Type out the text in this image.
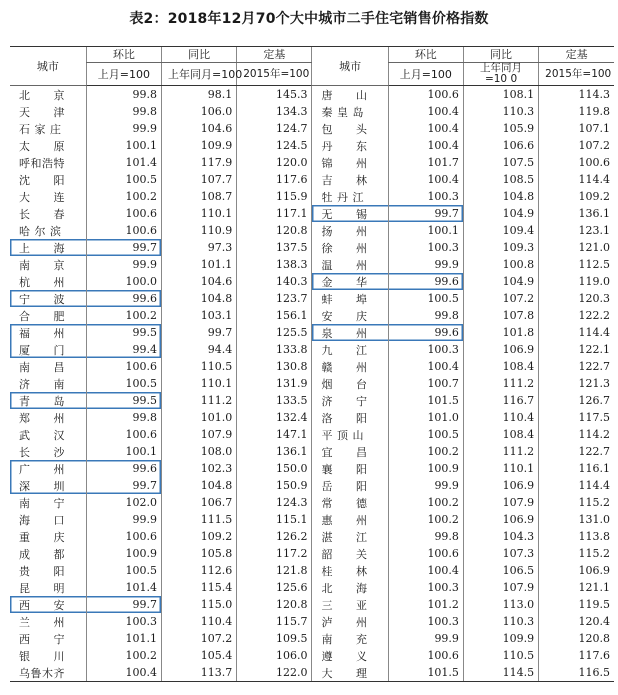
表2：2018年12月70个大中城市二手住宅销售价格指数
城市	环比	同比	定基	城市	环比	同比	定基
	上月=100	上年同月=100	2015年=100		上月=100	上年同月=10 0	2015年=100
北　　京	99.8	98.1	145.3	唐　　山	100.6	108.1	114.3
天　　津	99.8	106.0	134.3	秦 皇 岛	100.4	110.3	119.8
石 家 庄	99.9	104.6	124.7	包　　头	100.4	105.9	107.1
太　　原	100.1	109.9	124.5	丹　　东	100.4	106.6	107.2
呼和浩特	101.4	117.9	120.0	锦　　州	101.7	107.5	100.6
沈　　阳	100.5	107.7	117.6	吉　　林	100.4	108.5	114.4
大　　连	100.2	108.7	115.9	牡 丹 江	100.3	104.8	109.2
长　　春	100.6	110.1	117.1	无　　锡	99.7	104.9	136.1
哈 尔 滨	100.6	110.9	120.8	扬　　州	100.1	109.4	123.1
上　　海	99.7	97.3	137.5	徐　　州	100.3	109.3	121.0
南　　京	99.9	101.1	138.3	温　　州	99.9	100.8	112.5
杭　　州	100.0	104.6	140.3	金　　华	99.6	104.9	119.0
宁　　波	99.6	104.8	123.7	蚌　　埠	100.5	107.2	120.3
合　　肥	100.2	103.1	156.1	安　　庆	99.8	107.8	122.2
福　　州	99.5	99.7	125.5	泉　　州	99.6	101.8	114.4
厦　　门	99.4	94.4	133.8	九　　江	100.3	106.9	122.1
南　　昌	100.6	110.5	130.8	赣　　州	100.4	108.4	122.7
济　　南	100.5	110.1	131.9	烟　　台	100.7	111.2	121.3
青　　岛	99.5	111.2	133.5	济　　宁	101.5	116.7	126.7
郑　　州	99.8	101.0	132.4	洛　　阳	101.0	110.4	117.5
武　　汉	100.6	107.9	147.1	平 顶 山	100.5	108.4	114.2
长　　沙	100.1	108.0	136.1	宜　　昌	100.2	111.2	122.7
广　　州	99.6	102.3	150.0	襄　　阳	100.9	110.1	116.1
深　　圳	99.7	104.8	150.9	岳　　阳	99.9	106.9	114.4
南　　宁	102.0	106.7	124.3	常　　德	100.2	107.9	115.2
海　　口	99.9	111.5	115.1	惠　　州	100.2	106.9	131.0
重　　庆	100.6	109.2	126.2	湛　　江	99.8	104.3	113.8
成　　都	100.9	105.8	117.2	韶　　关	100.6	107.3	115.2
贵　　阳	100.5	112.6	121.8	桂　　林	100.4	106.5	106.9
昆　　明	101.4	115.4	125.6	北　　海	100.3	107.9	121.1
西　　安	99.7	115.0	120.8	三　　亚	101.2	113.0	119.5
兰　　州	100.3	110.4	115.7	泸　　州	100.3	110.3	120.4
西　　宁	101.1	107.2	109.5	南　　充	99.9	109.9	120.8
银　　川	100.2	105.4	106.0	遵　　义	100.6	110.5	117.6
乌鲁木齐	100.4	113.7	122.0	大　　理	101.5	114.5	116.5
